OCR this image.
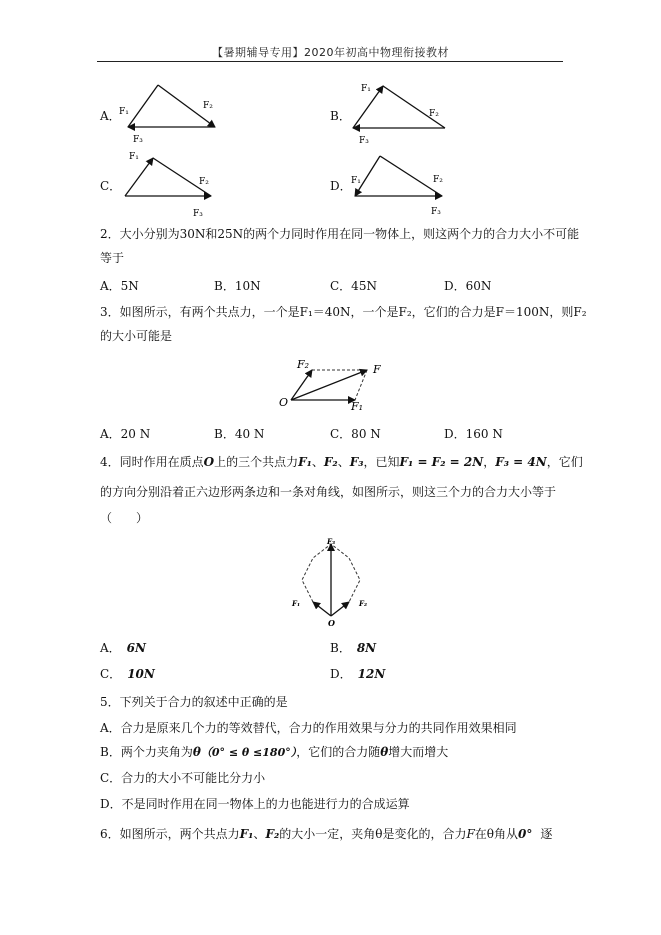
【暑期辅导专用】2020年初高中物理衔接教材
A．
F₁
F₂
F₃
B．
F₁
F₂
F₃
C．
F₁
F₂
F₃
D． F₁	F₂
F₃
2．大小分别为30N和25N的两个力同时作用在同一物体上，则这两个力的合力大小不可能
等于
A．5N	B．10N	C．45N	D．60N
3．如图所示，有两个共点力，一个是F₁＝40N，一个是F₂，它们的合力是F＝100N，则F₂
的大小可能是
F₂	F
O	F₁
A．20 N	B．40 N	C．80 N	D．160 N
4．同时作用在质点O上的三个共点力F₁、F₂、F₃，已知F₁ = F₂ = 2N，F₃ = 4N，它们
的方向分别沿着正六边形两条边和一条对角线，如图所示，则这三个力的合力大小等于
（　　）
F₃
F₁	F₂
O
A． 6N	B． 8N
C． 10N	D． 12N
5．下列关于合力的叙述中正确的是
A．合力是原来几个力的等效替代，合力的作用效果与分力的共同作用效果相同
B．两个力夹角为θ（0° ≤ θ ≤180°），它们的合力随θ增大而增大
C．合力的大小不可能比分力小
D．不是同时作用在同一物体上的力也能进行力的合成运算
6．如图所示，两个共点力F₁、F₂的大小一定，夹角θ是变化的，合力F在θ角从0° 逐
